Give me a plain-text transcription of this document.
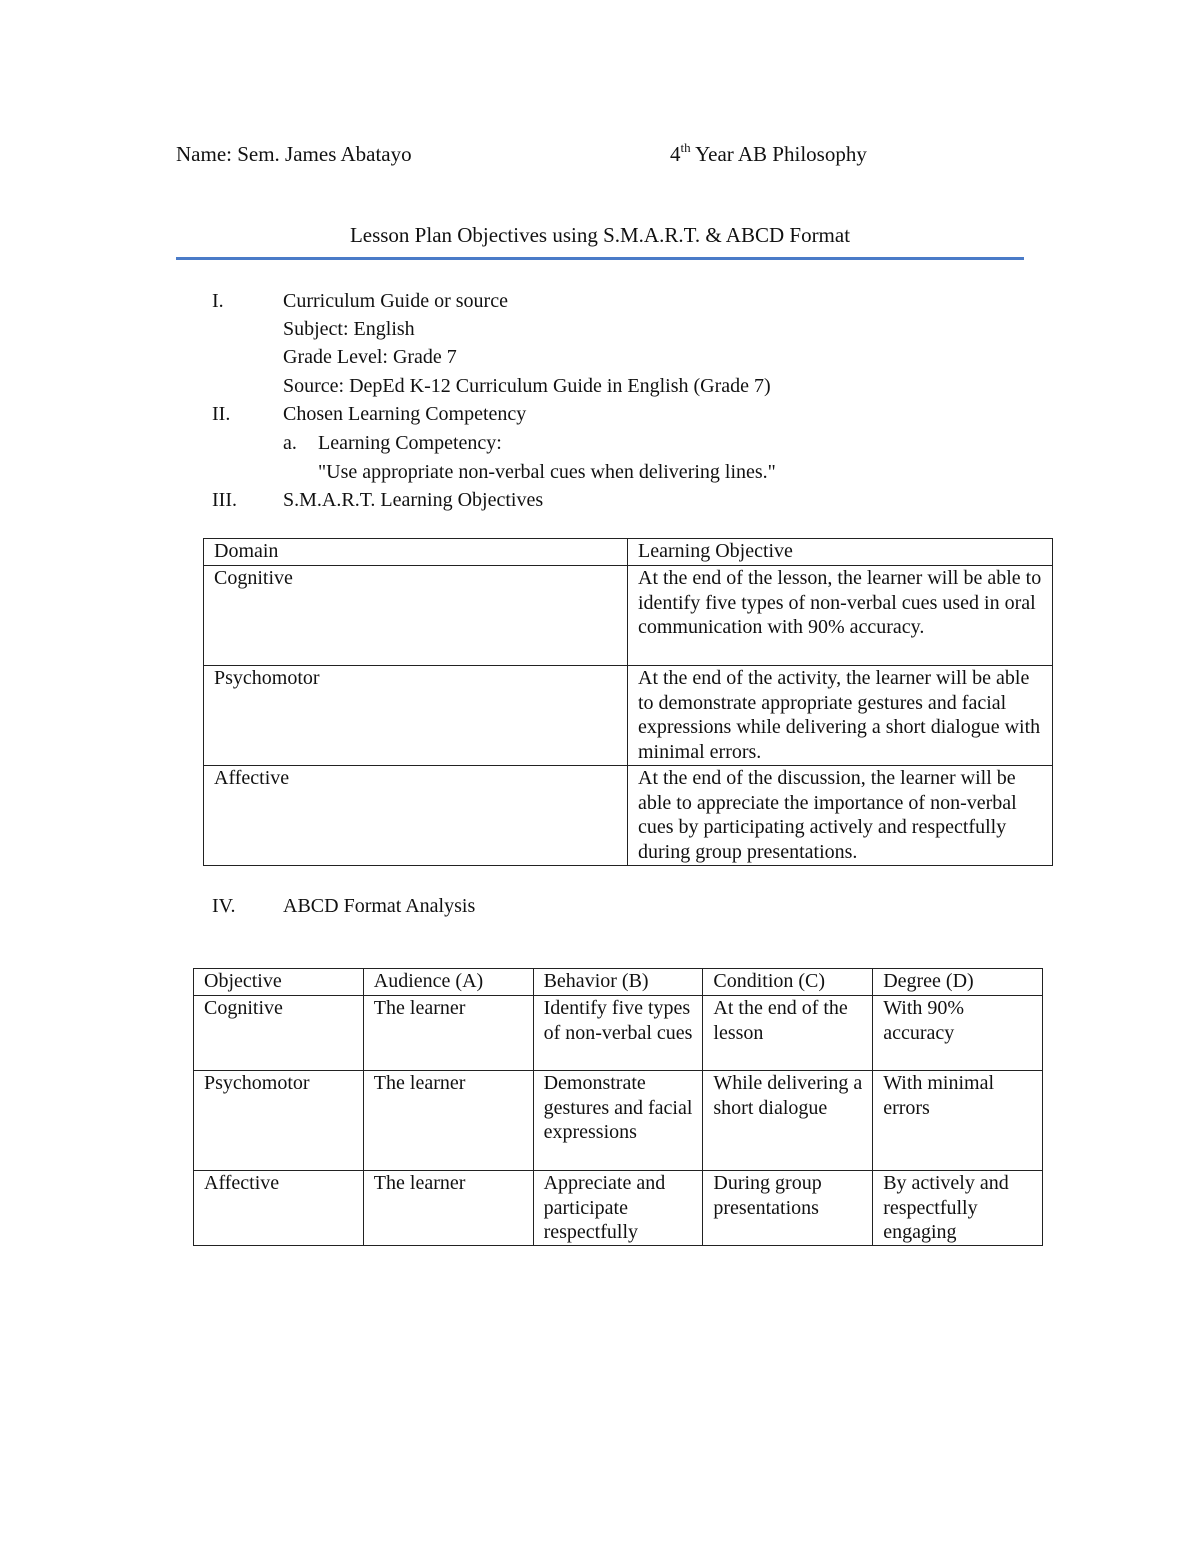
Name: Sem. James Abatayo	4th Year AB Philosophy
Lesson Plan Objectives using S.M.A.R.T. & ABCD Format
I.	Curriculum Guide or source
Subject: English
Grade Level: Grade 7
Source: DepEd K-12 Curriculum Guide in English (Grade 7)
II.	Chosen Learning Competency
a. Learning Competency:
"Use appropriate non-verbal cues when delivering lines."
III. S.M.A.R.T. Learning Objectives
Domain	Learning Objective
Cognitive	At the end of the lesson, the learner will be able to identify five types of non-verbal cues used in oral communication with 90% accuracy.
Psychomotor	At the end of the activity, the learner will be able to demonstrate appropriate gestures and facial expressions while delivering a short dialogue with minimal errors.
Affective	At the end of the discussion, the learner will be able to appreciate the importance of non-verbal cues by participating actively and respectfully during group presentations.
IV. ABCD Format Analysis
Objective	Audience (A)	Behavior (B)	Condition (C)	Degree (D)
Cognitive	The learner	Identify five types of non-verbal cues	At the end of the lesson	With 90% accuracy
Psychomotor	The learner	Demonstrate gestures and facial expressions	While delivering a short dialogue	With minimal errors
Affective	The learner	Appreciate and participate respectfully	During group presentations	By actively and respectfully engaging
